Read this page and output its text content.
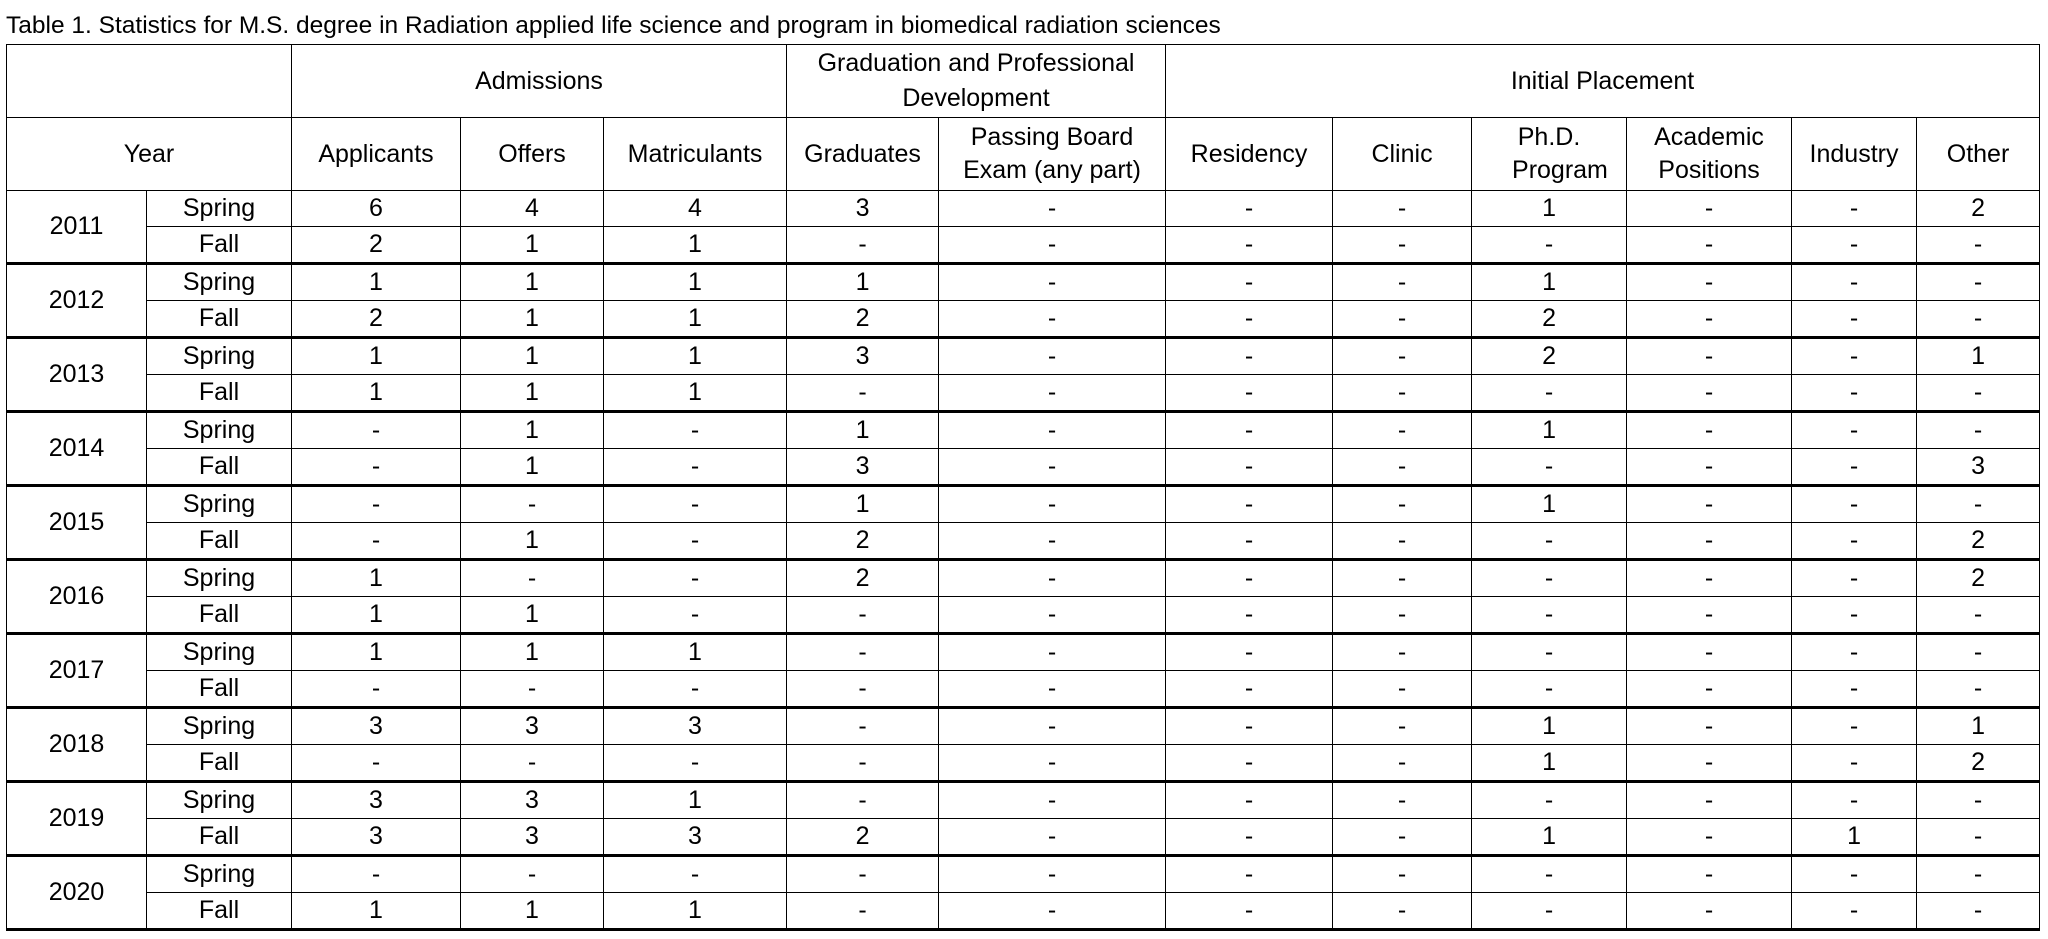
Table 1. Statistics for M.S. degree in Radiation applied life science and program in biomedical radiation sciences
		Admissions			Graduation and Professional Development		Initial Placement					
Year		Applicants	Offers	Matriculants	Graduates	Passing Board Exam (any part)	Residency	Clinic	Ph.D. Program	Academic Positions	Industry	Other
2011	Spring	6	4	4	3	-	-	-	1	-	-	2
	Fall	2	1	1	-	-	-	-	-	-	-	-
2012	Spring	1	1	1	1	-	-	-	1	-	-	-
	Fall	2	1	1	2	-	-	-	2	-	-	-
2013	Spring	1	1	1	3	-	-	-	2	-	-	1
	Fall	1	1	1	-	-	-	-	-	-	-	-
2014	Spring	-	1	-	1	-	-	-	1	-	-	-
	Fall	-	1	-	3	-	-	-	-	-	-	3
2015	Spring	-	-	-	1	-	-	-	1	-	-	-
	Fall	-	1	-	2	-	-	-	-	-	-	2
2016	Spring	1	-	-	2	-	-	-	-	-	-	2
	Fall	1	1	-	-	-	-	-	-	-	-	-
2017	Spring	1	1	1	-	-	-	-	-	-	-	-
	Fall	-	-	-	-	-	-	-	-	-	-	-
2018	Spring	3	3	3	-	-	-	-	1	-	-	1
	Fall	-	-	-	-	-	-	-	1	-	-	2
2019	Spring	3	3	1	-	-	-	-	-	-	-	-
	Fall	3	3	3	2	-	-	-	1	-	1	-
2020	Spring	-	-	-	-	-	-	-	-	-	-	-
	Fall	1	1	1	-	-	-	-	-	-	-	-
